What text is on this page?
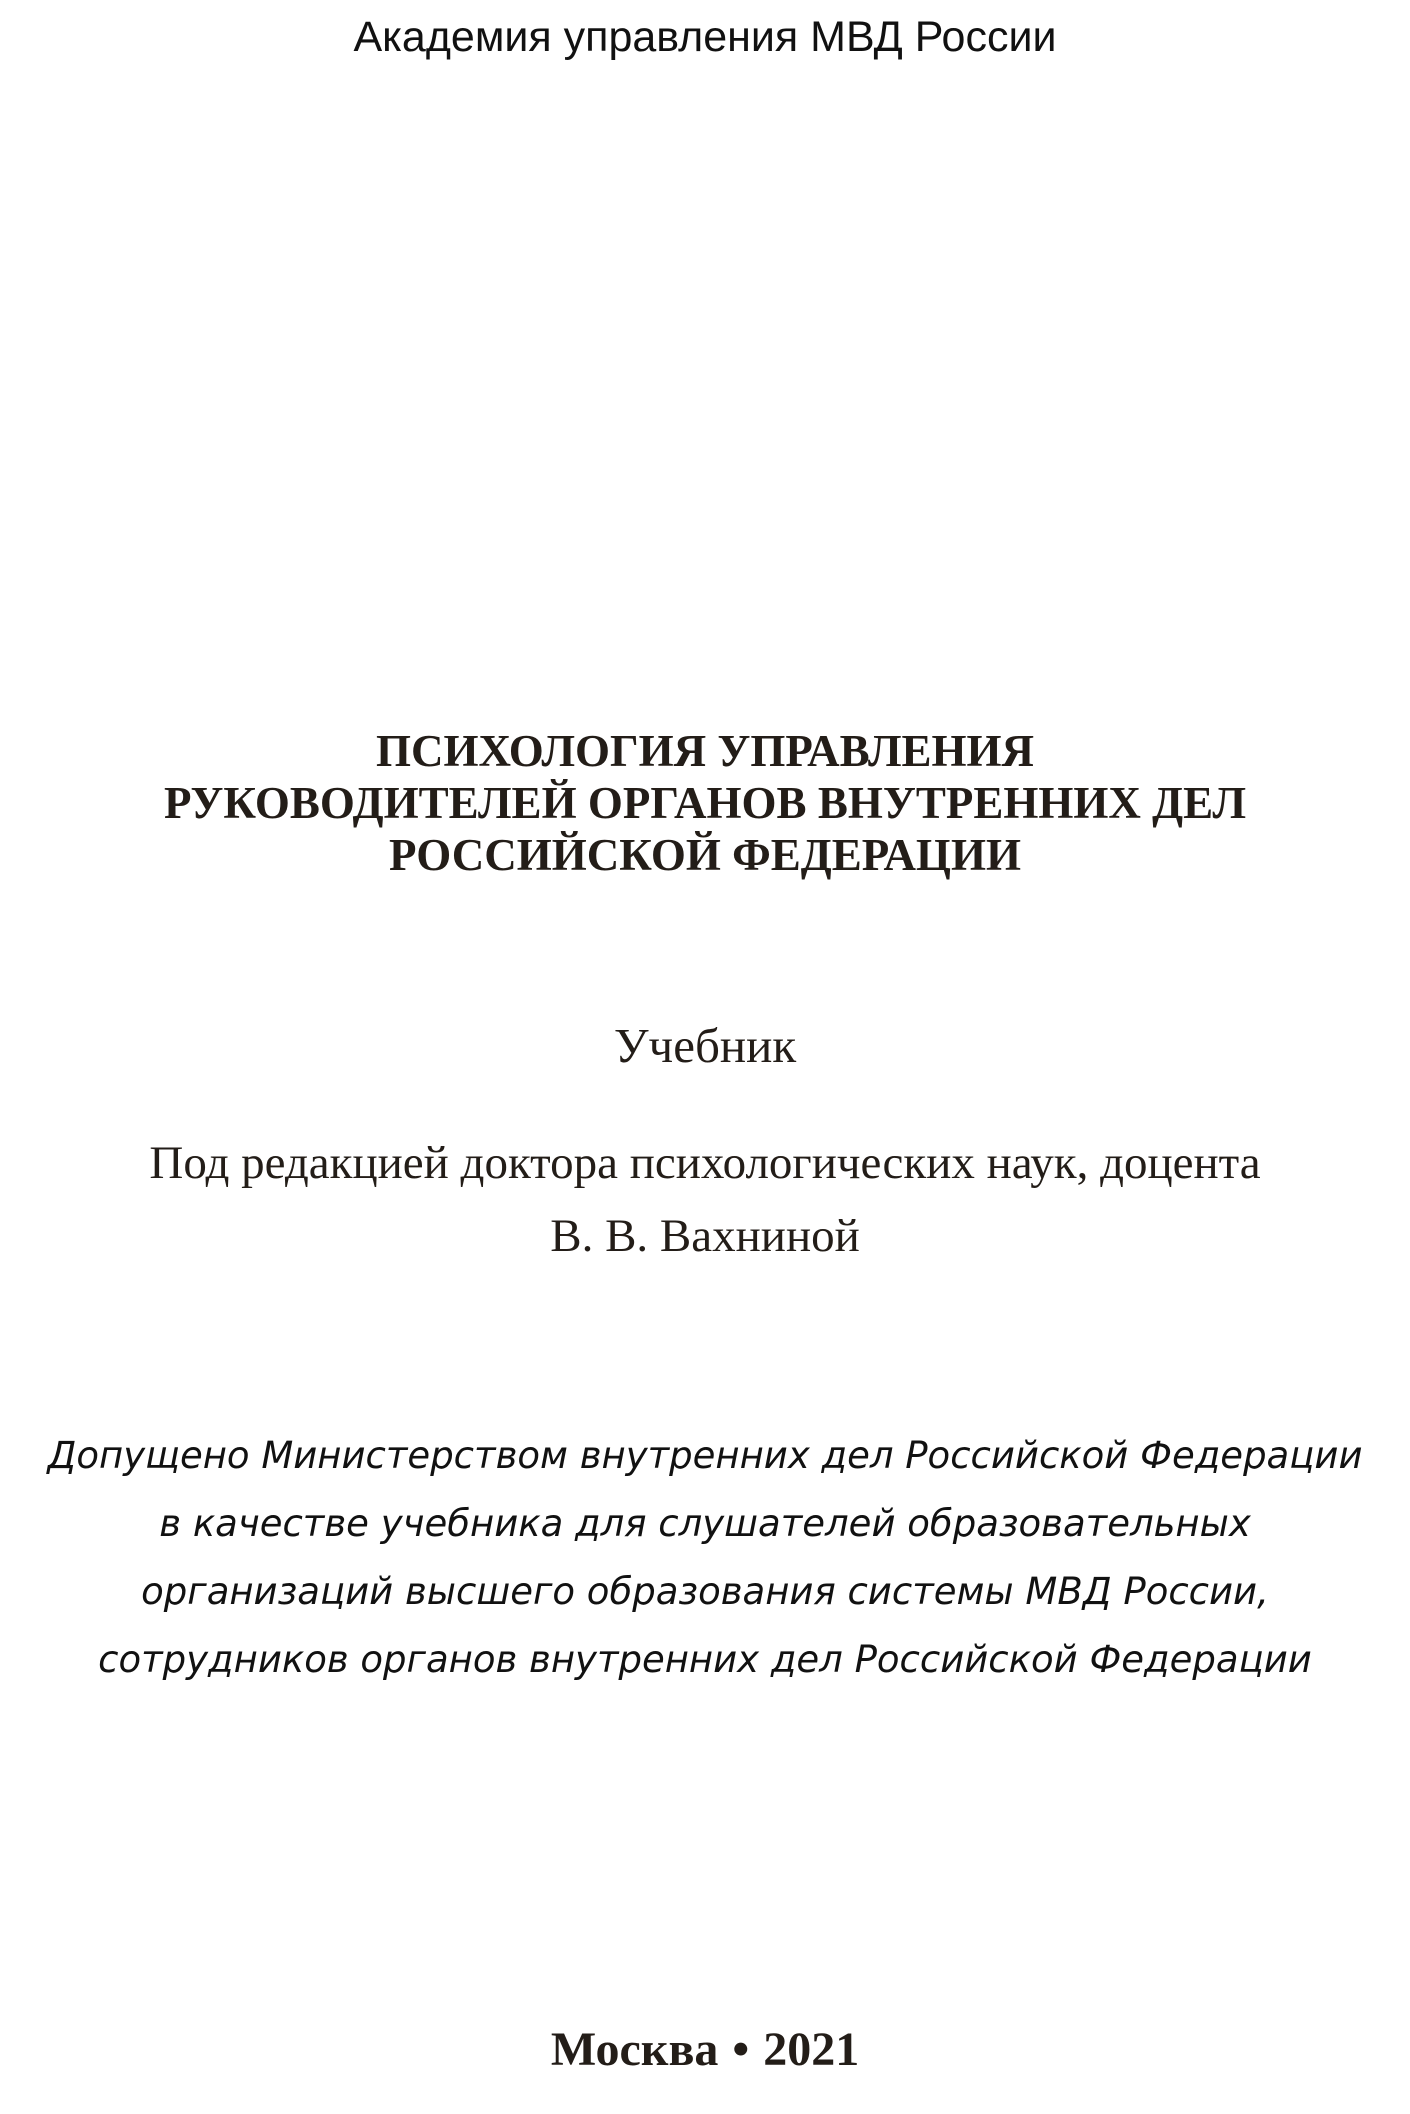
Академия управления МВД России
ПСИХОЛОГИЯ УПРАВЛЕНИЯ
РУКОВОДИТЕЛЕЙ ОРГАНОВ ВНУТРЕННИХ ДЕЛ
РОССИЙСКОЙ ФЕДЕРАЦИИ
Учебник
Под редакцией доктора психологических наук, доцента
В. В. Вахниной
Допущено Министерством внутренних дел Российской Федерации
в качестве учебника для слушателей образовательных
организаций высшего образования системы МВД России,
сотрудников органов внутренних дел Российской Федерации
Москва • 2021
